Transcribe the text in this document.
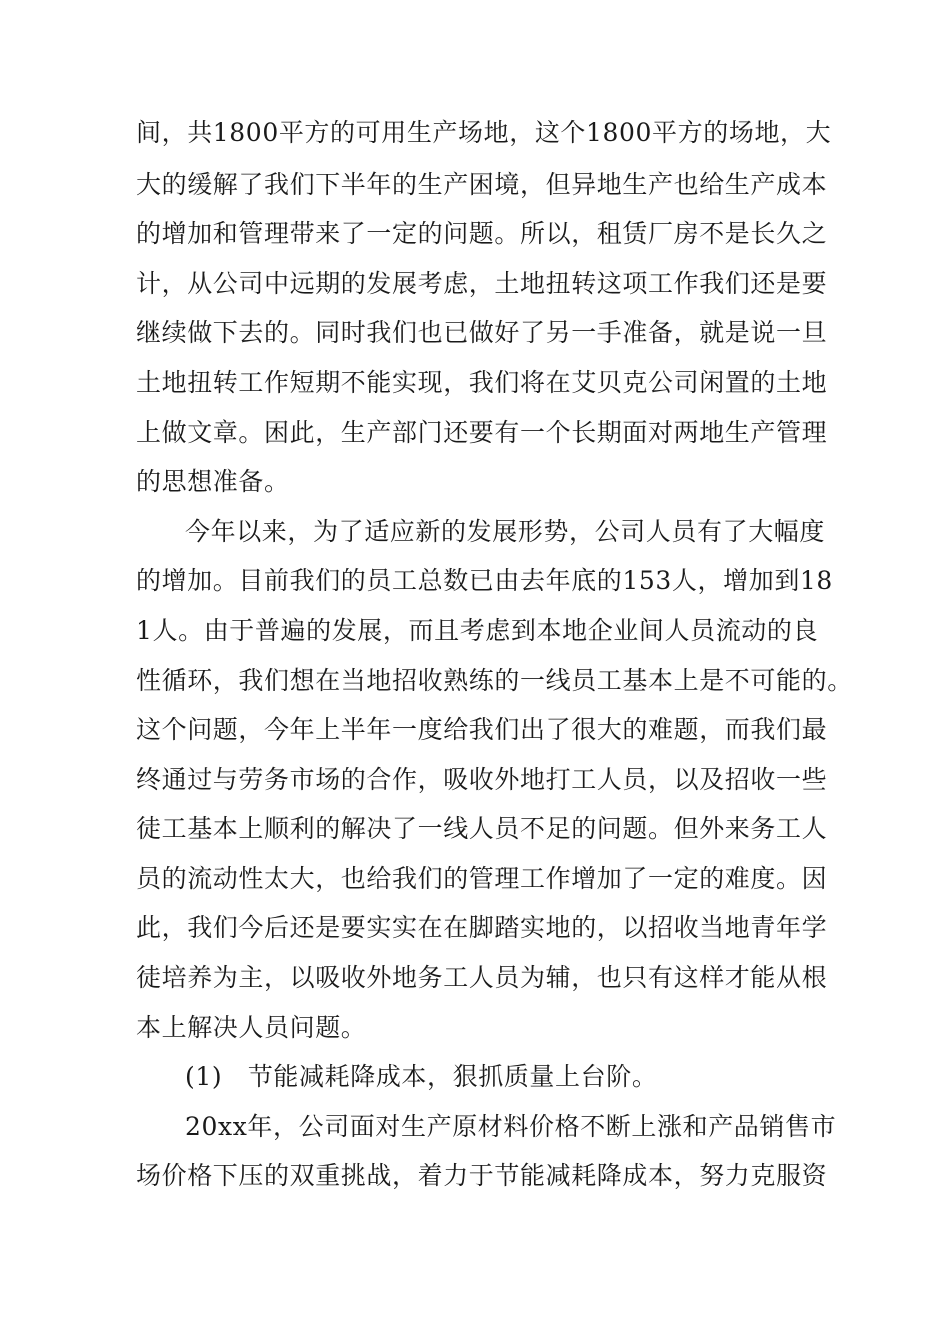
间，共1800平方的可用生产场地，这个1800平方的场地，大
大的缓解了我们下半年的生产困境，但异地生产也给生产成本
的增加和管理带来了一定的问题。所以，租赁厂房不是长久之
计，从公司中远期的发展考虑，土地扭转这项工作我们还是要
继续做下去的。同时我们也已做好了另一手准备，就是说一旦
土地扭转工作短期不能实现，我们将在艾贝克公司闲置的土地
上做文章。困此，生产部门还要有一个长期面对两地生产管理
的思想准备。
今年以来，为了适应新的发展形势，公司人员有了大幅度
的增加。目前我们的员工总数已由去年底的153人，增加到18
1人。由于普遍的发展，而且考虑到本地企业间人员流动的良
性循环，我们想在当地招收熟练的一线员工基本上是不可能的。
这个问题，今年上半年一度给我们出了很大的难题，而我们最
终通过与劳务市场的合作，吸收外地打工人员，以及招收一些
徒工基本上顺利的解决了一线人员不足的问题。但外来务工人
员的流动性太大，也给我们的管理工作增加了一定的难度。因
此，我们今后还是要实实在在脚踏实地的，以招收当地青年学
徒培养为主，以吸收外地务工人员为辅，也只有这样才能从根
本上解决人员问题。
(1)　节能减耗降成本，狠抓质量上台阶。
20xx年，公司面对生产原材料价格不断上涨和产品销售市
场价格下压的双重挑战，着力于节能减耗降成本，努力克服资
